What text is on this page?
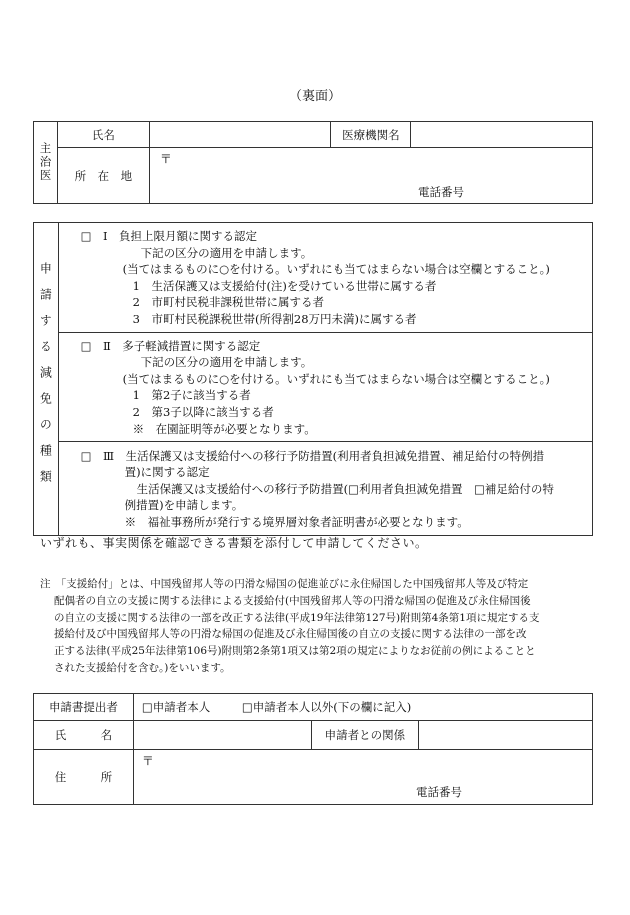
（裏面）
主治医	氏名		医療機関名	
	所　在　地	〒
電話番号		
申請する減免の種類

□　Ⅰ　負担上限月額に関する認定
下記の区分の適用を申請します。
(当てはまるものに○を付ける。いずれにも当てはまらない場合は空欄とすること。)
1　生活保護又は支援給付(注)を受けている世帯に属する者
2　市町村民税非課税世帯に属する者
3　市町村民税課税世帯(所得割28万円未満)に属する者

□　Ⅱ　多子軽減措置に関する認定
下記の区分の適用を申請します。
(当てはまるものに○を付ける。いずれにも当てはまらない場合は空欄とすること。)
1　第2子に該当する者
2　第3子以降に該当する者
※　在園証明等が必要となります。

□　Ⅲ　生活保護又は支援給付への移行予防措置(利用者負担減免措置、補足給付の特例措
置)に関する認定
生活保護又は支援給付への移行予防措置(□利用者負担減免措置　□補足給付の特
例措置)を申請します。
※　福祉事務所が発行する境界層対象者証明書が必要となります。
いずれも、事実関係を確認できる書類を添付して申請してください。
注　「支援給付」とは、中国残留邦人等の円滑な帰国の促進並びに永住帰国した中国残留邦人等及び特定
配偶者の自立の支援に関する法律による支援給付(中国残留邦人等の円滑な帰国の促進及び永住帰国後
の自立の支援に関する法律の一部を改正する法律(平成19年法律第127号)附則第4条第1項に規定する支
援給付及び中国残留邦人等の円滑な帰国の促進及び永住帰国後の自立の支援に関する法律の一部を改
正する法律(平成25年法律第106号)附則第2条第1項又は第2項の規定によりなお従前の例によることと
された支援給付を含む。)をいいます。
申請書提出者	□申請者本人 □申請者本人以外(下の欄に記入)		
氏　　　名		申請者との関係	
住　　　所	〒
電話番号		
